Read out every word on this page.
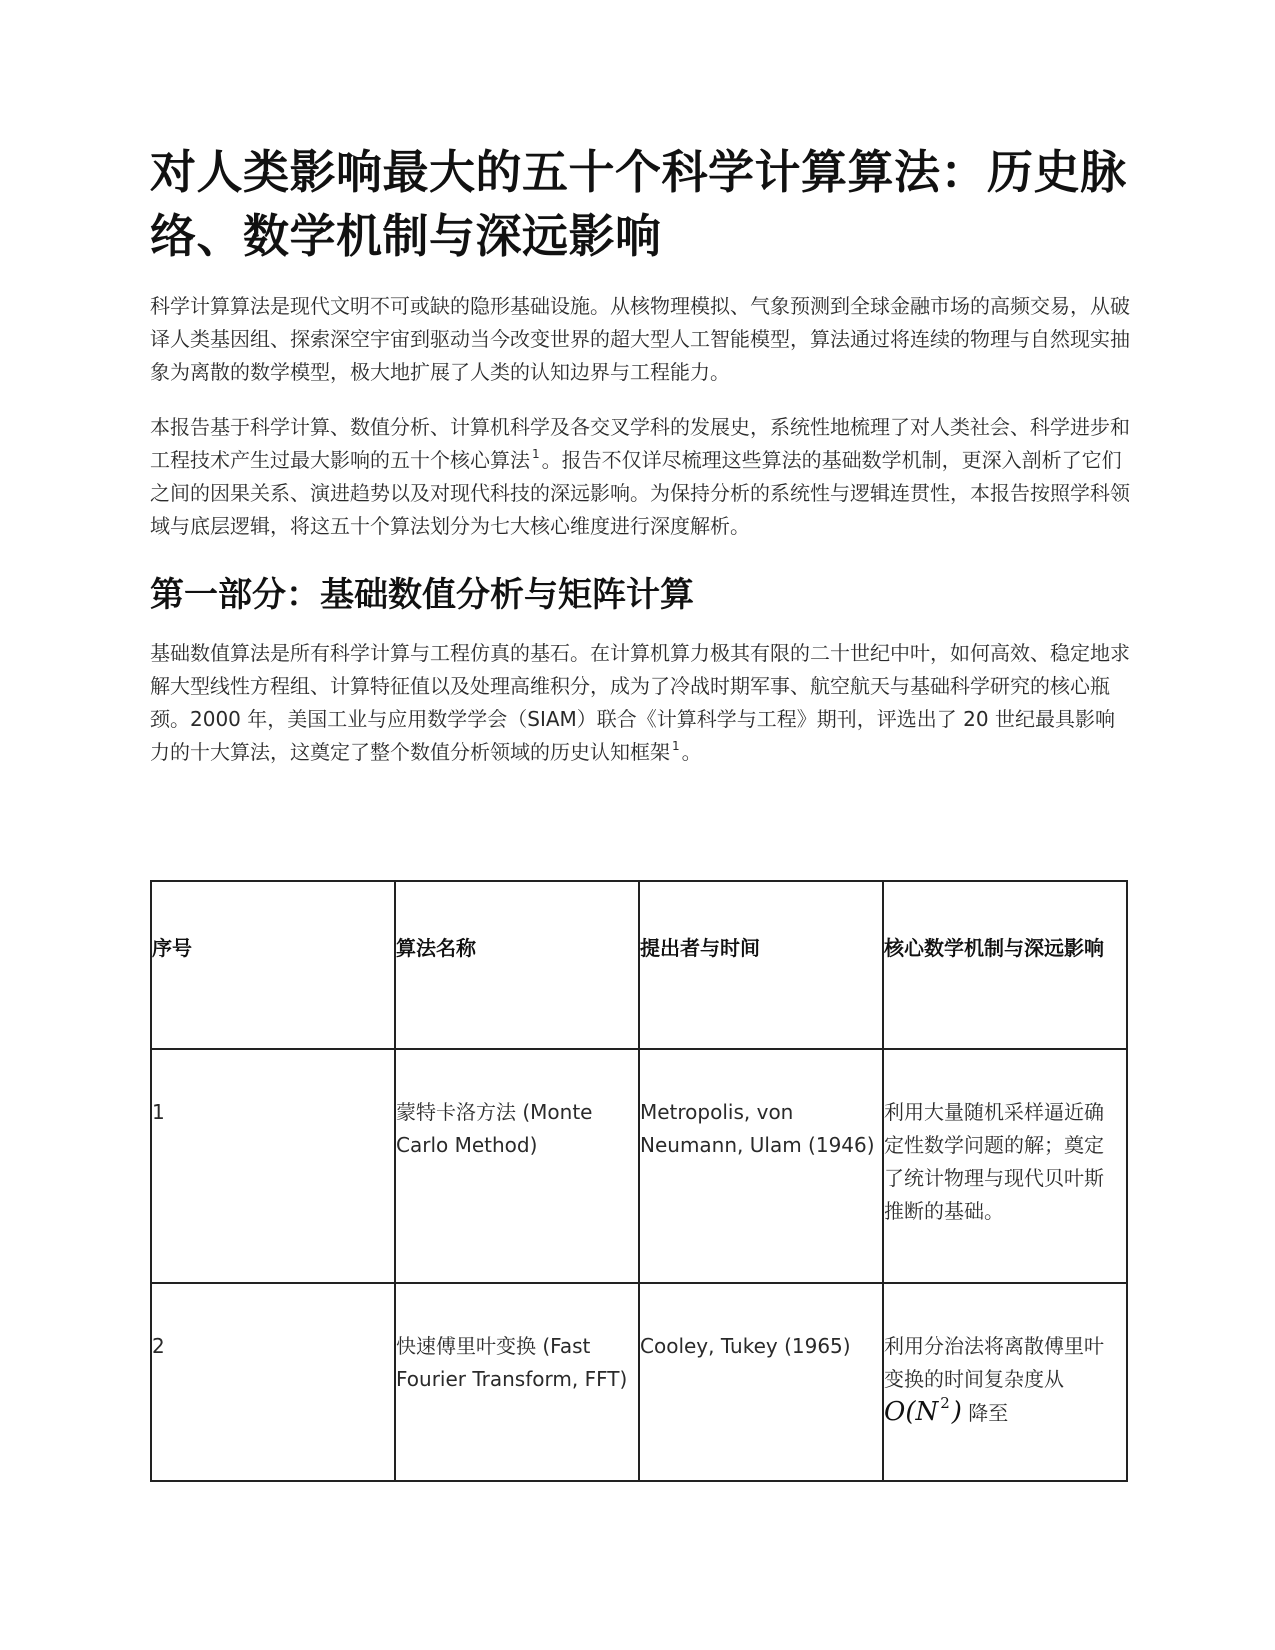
对人类影响最大的五十个科学计算算法：历史脉络、数学机制与深远影响

科学计算算法是现代文明不可或缺的隐形基础设施。从核物理模拟、气象预测到全球金融市场的高频交易，从破译人类基因组、探索深空宇宙到驱动当今改变世界的超大型人工智能模型，算法通过将连续的物理与自然现实抽象为离散的数学模型，极大地扩展了人类的认知边界与工程能力。

本报告基于科学计算、数值分析、计算机科学及各交叉学科的发展史，系统性地梳理了对人类社会、科学进步和工程技术产生过最大影响的五十个核心算法 $^1$ 。报告不仅详尽梳理这些算法的基础数学机制，更深入剖析了它们之间的因果关系、演进趋势以及对现代科技的深远影响。为保持分析的系统性与逻辑连贯性，本报告按照学科领域与底层逻辑，将这五十个算法划分为七大核心维度进行深度解析。

第一部分：基础数值分析与矩阵计算

基础数值算法是所有科学计算与工程仿真的基石。在计算机算力极其有限的二十世纪中叶，如何高效、稳定地求解大型线性方程组、计算特征值以及处理高维积分，成为了冷战时期军事、航空航天与基础科学研究的核心瓶颈。2000 年，美国工业与应用数学学会（SIAM）联合《计算科学与工程》期刊，评选出了 20 世纪最具影响力的十大算法，这奠定了整个数值分析领域的历史认知框架 $^1$ 。

序号	算法名称	提出者与时间	核心数学机制与深远影响

1	蒙特卡洛方法 (Monte Carlo Method)	Metropolis, von Neumann, Ulam (1946)	利用大量随机采样逼近确定性数学问题的解；奠定了统计物理与现代贝叶斯推断的基础。

2	快速傅里叶变换 (Fast Fourier Transform, FFT)	Cooley, Tukey (1965)	利用分治法将离散傅里叶变换的时间复杂度从O(N $^2$) 降至
